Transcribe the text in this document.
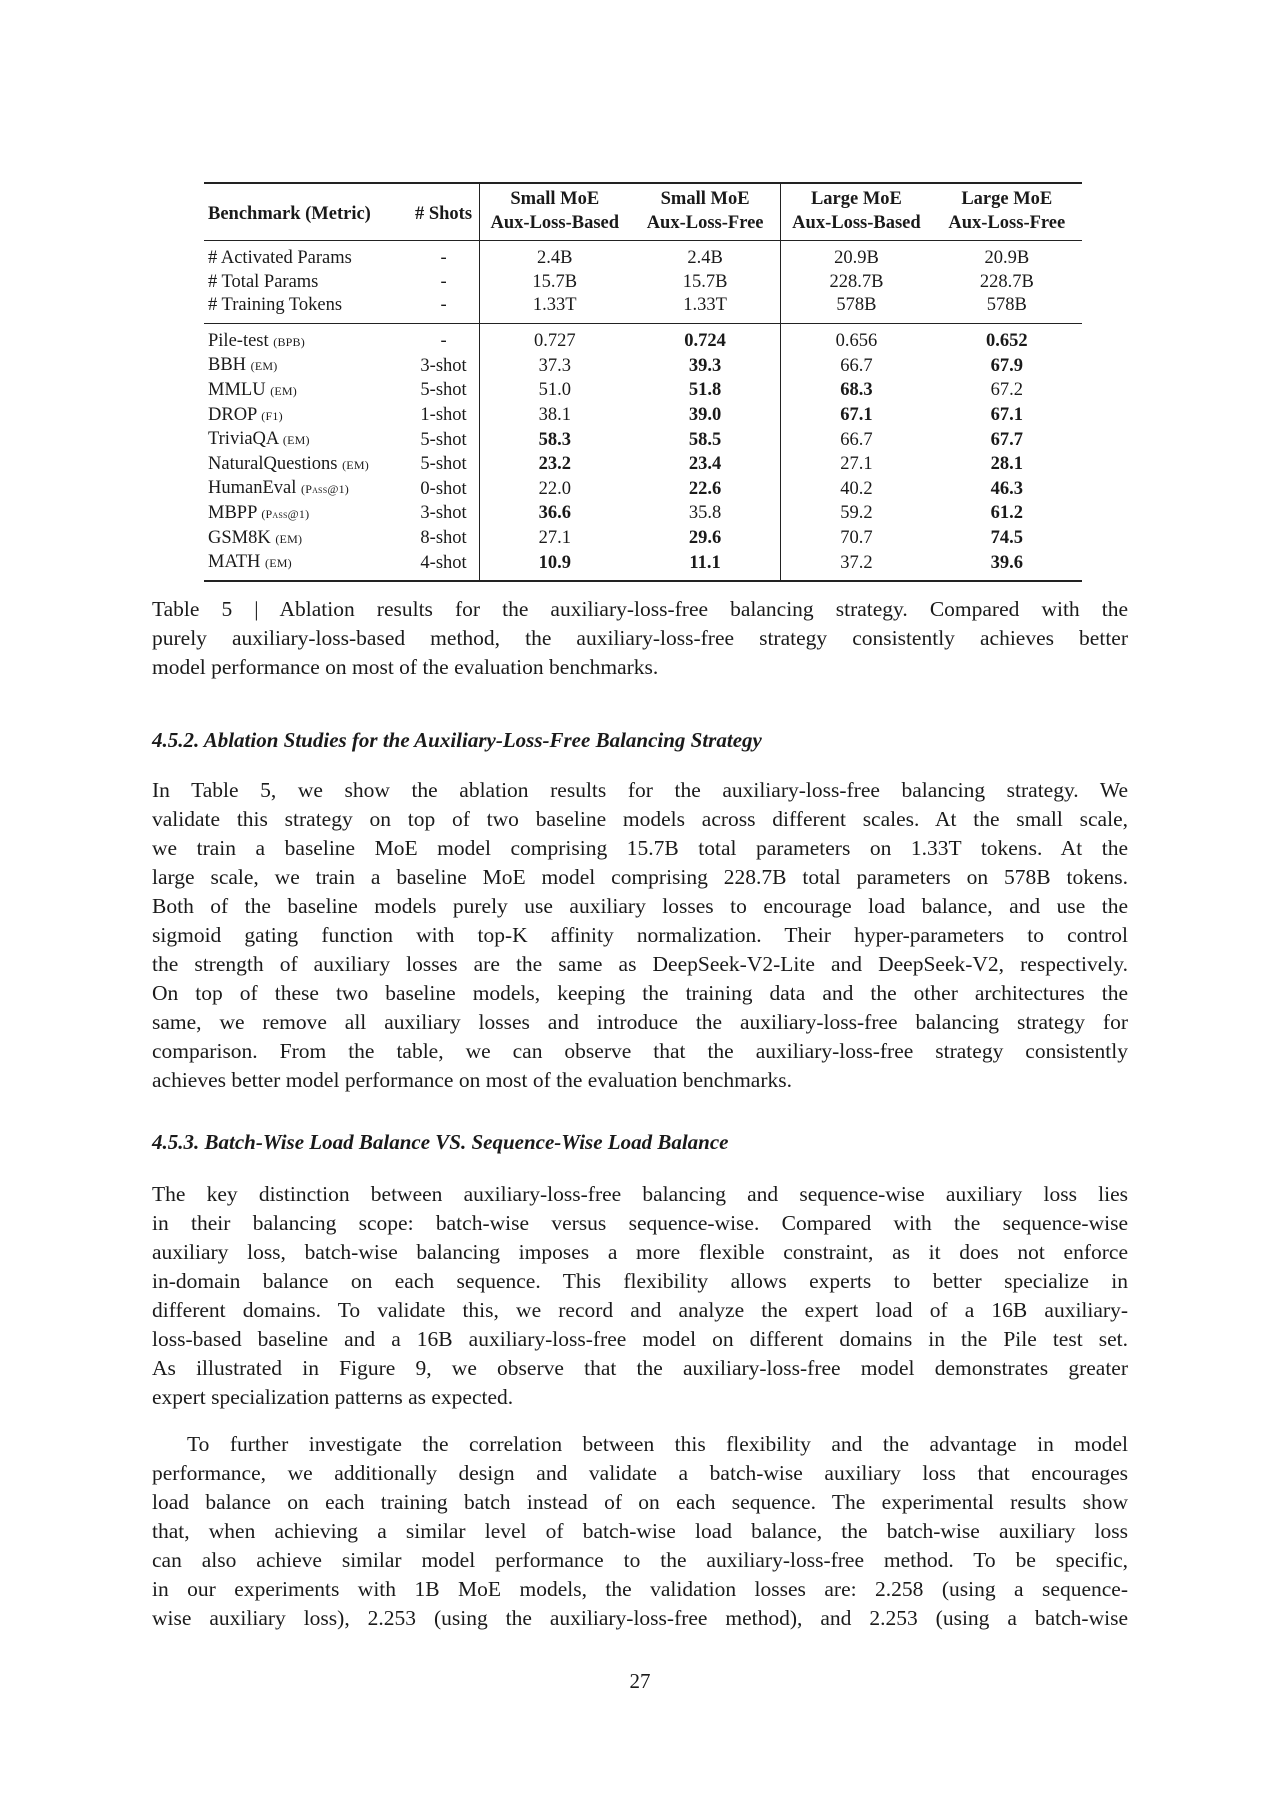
Benchmark (Metric)	# Shots	Small MoE	Small MoE	Large MoE	Large MoE
		Aux-Loss-Based	Aux-Loss-Free	Aux-Loss-Based	Aux-Loss-Free
# Activated Params	-	2.4B	2.4B	20.9B	20.9B
# Total Params	-	15.7B	15.7B	228.7B	228.7B
# Training Tokens	-	1.33T	1.33T	578B	578B
Pile-test (BPB)	-	0.727	0.724	0.656	0.652
BBH (EM)	3-shot	37.3	39.3	66.7	67.9
MMLU (EM)	5-shot	51.0	51.8	68.3	67.2
DROP (F1)	1-shot	38.1	39.0	67.1	67.1
TriviaQA (EM)	5-shot	58.3	58.5	66.7	67.7
NaturalQuestions (EM)	5-shot	23.2	23.4	27.1	28.1
HumanEval (Pass@1)	0-shot	22.0	22.6	40.2	46.3
MBPP (Pass@1)	3-shot	36.6	35.8	59.2	61.2
GSM8K (EM)	8-shot	27.1	29.6	70.7	74.5
MATH (EM)	4-shot	10.9	11.1	37.2	39.6
Table 5 | Ablation results for the auxiliary-loss-free balancing strategy. Compared with the
purely auxiliary-loss-based method, the auxiliary-loss-free strategy consistently achieves better
model performance on most of the evaluation benchmarks.
4.5.2. Ablation Studies for the Auxiliary-Loss-Free Balancing Strategy
In Table 5, we show the ablation results for the auxiliary-loss-free balancing strategy. We
validate this strategy on top of two baseline models across different scales. At the small scale,
we train a baseline MoE model comprising 15.7B total parameters on 1.33T tokens. At the
large scale, we train a baseline MoE model comprising 228.7B total parameters on 578B tokens.
Both of the baseline models purely use auxiliary losses to encourage load balance, and use the
sigmoid gating function with top-K affinity normalization. Their hyper-parameters to control
the strength of auxiliary losses are the same as DeepSeek-V2-Lite and DeepSeek-V2, respectively.
On top of these two baseline models, keeping the training data and the other architectures the
same, we remove all auxiliary losses and introduce the auxiliary-loss-free balancing strategy for
comparison. From the table, we can observe that the auxiliary-loss-free strategy consistently
achieves better model performance on most of the evaluation benchmarks.
4.5.3. Batch-Wise Load Balance VS. Sequence-Wise Load Balance
The key distinction between auxiliary-loss-free balancing and sequence-wise auxiliary loss lies
in their balancing scope: batch-wise versus sequence-wise. Compared with the sequence-wise
auxiliary loss, batch-wise balancing imposes a more flexible constraint, as it does not enforce
in-domain balance on each sequence. This flexibility allows experts to better specialize in
different domains. To validate this, we record and analyze the expert load of a 16B auxiliary-
loss-based baseline and a 16B auxiliary-loss-free model on different domains in the Pile test set.
As illustrated in Figure 9, we observe that the auxiliary-loss-free model demonstrates greater
expert specialization patterns as expected.
To further investigate the correlation between this flexibility and the advantage in model
performance, we additionally design and validate a batch-wise auxiliary loss that encourages
load balance on each training batch instead of on each sequence. The experimental results show
that, when achieving a similar level of batch-wise load balance, the batch-wise auxiliary loss
can also achieve similar model performance to the auxiliary-loss-free method. To be specific,
in our experiments with 1B MoE models, the validation losses are: 2.258 (using a sequence-
wise auxiliary loss), 2.253 (using the auxiliary-loss-free method), and 2.253 (using a batch-wise
27
